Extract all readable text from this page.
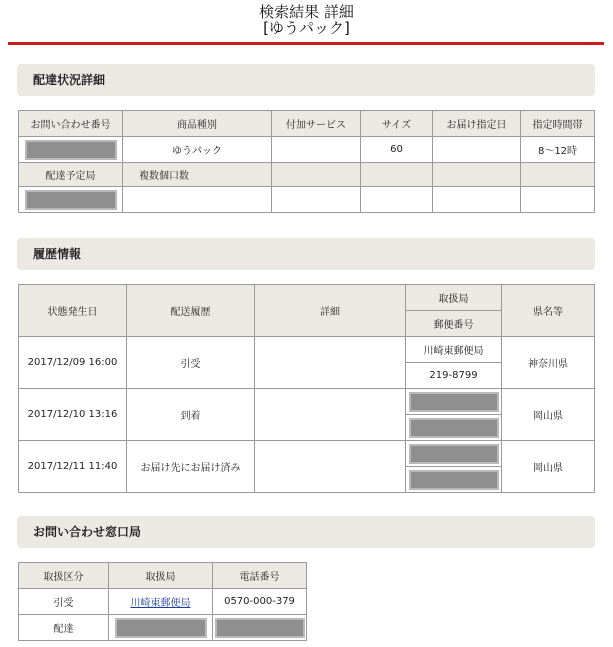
検索結果 詳細
[ゆうパック]
配達状況詳細
お問い合わせ番号	商品種別	付加サービス	サイズ	お届け指定日	指定時間帯

	ゆうパック		60		8～12時
配達予定局	複数個口数				

履歴情報
状態発生日	配送履歴	詳細	取扱局	県名等
			郵便番号	
2017/12/09 16:00	引受		川崎東郵便局	神奈川県
			219-8799	
2017/12/10 13:16	到着			岡山県

2017/12/11 11:40	お届け先にお届け済み			岡山県

お問い合わせ窓口局
取扱区分	取扱局	電話番号
引受	川崎東郵便局	0570-000-379
配達	
